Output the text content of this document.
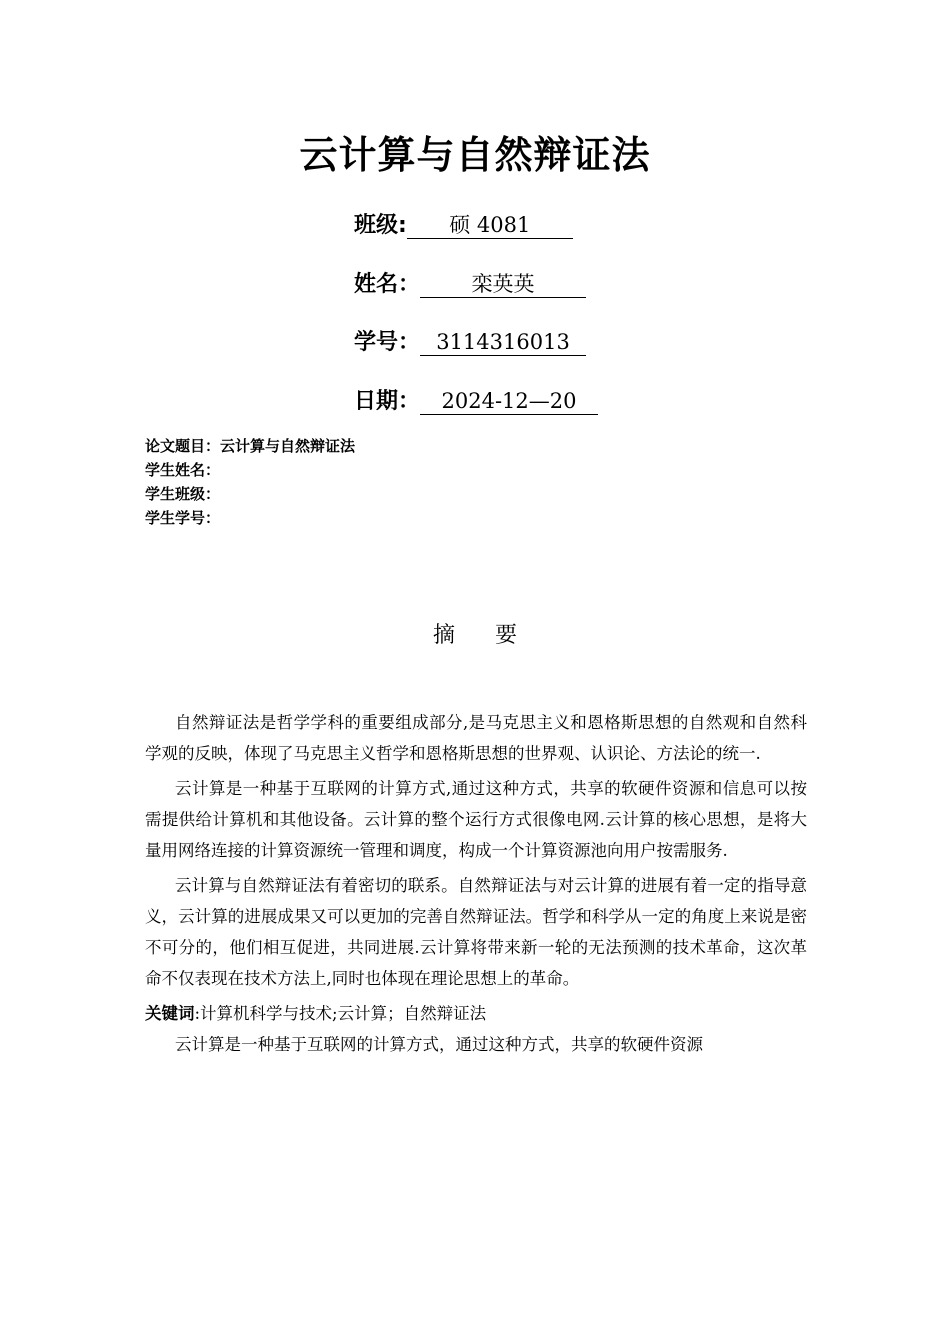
云计算与自然辩证法
班级: 硕 4081
姓名： 栾英英
学号： 3114316013
日期： 2024-12—20
论文题目：云计算与自然辩证法
学生姓名：
学生班级：
学生学号：
摘 要

自然辩证法是哲学学科的重要组成部分,是马克思主义和恩格斯思想的自然观和自然科学观的反映，体现了马克思主义哲学和恩格斯思想的世界观、认识论、方法论的统一.

云计算是一种基于互联网的计算方式,通过这种方式，共享的软硬件资源和信息可以按需提供给计算机和其他设备。云计算的整个运行方式很像电网.云计算的核心思想，是将大量用网络连接的计算资源统一管理和调度，构成一个计算资源池向用户按需服务.

云计算与自然辩证法有着密切的联系。自然辩证法与对云计算的进展有着一定的指导意义，云计算的进展成果又可以更加的完善自然辩证法。哲学和科学从一定的角度上来说是密不可分的，他们相互促进，共同进展.云计算将带来新一轮的无法预测的技术革命，这次革命不仅表现在技术方法上,同时也体现在理论思想上的革命。

关键词:计算机科学与技术;云计算；自然辩证法

云计算是一种基于互联网的计算方式，通过这种方式，共享的软硬件资源
